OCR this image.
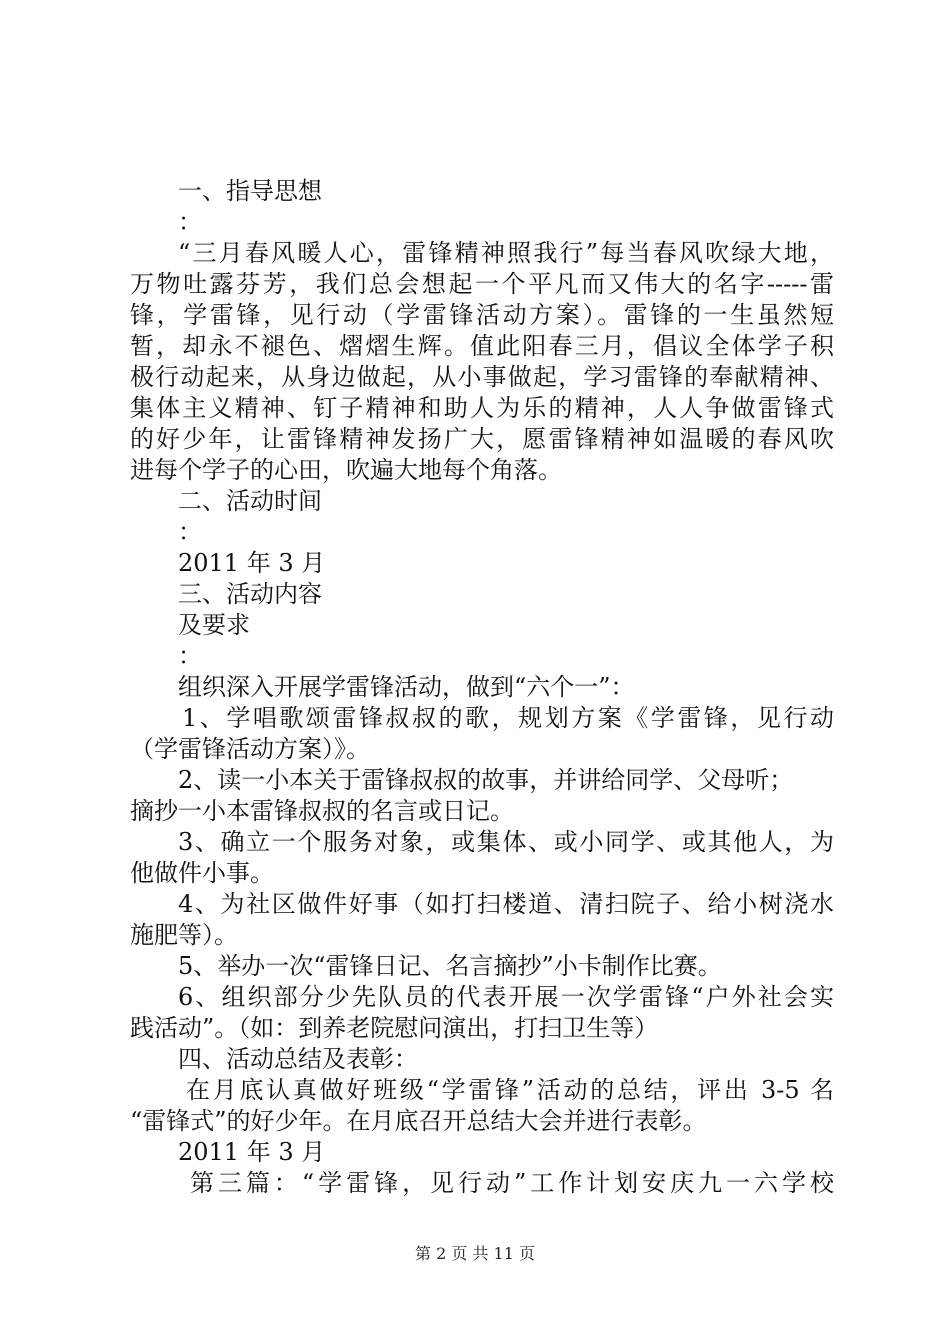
一、指导思想
：
“三月春风暖人心，雷锋精神照我行”每当春风吹绿大地，
万物吐露芬芳，我们总会想起一个平凡而又伟大的名字-----雷
锋，学雷锋，见行动（学雷锋活动方案）。雷锋的一生虽然短
暂，却永不褪色、熠熠生辉。值此阳春三月，倡议全体学子积
极行动起来，从身边做起，从小事做起，学习雷锋的奉献精神、
集体主义精神、钉子精神和助人为乐的精神，人人争做雷锋式
的好少年，让雷锋精神发扬广大，愿雷锋精神如温暖的春风吹
进每个学子的心田，吹遍大地每个角落。
二、活动时间
：
2011 年 3 月
三、活动内容
及要求
：
组织深入开展学雷锋活动，做到“六个一”：
1、学唱歌颂雷锋叔叔的歌，规划方案《学雷锋，见行动
（学雷锋活动方案）》。
2、读一小本关于雷锋叔叔的故事，并讲给同学、父母听；
摘抄一小本雷锋叔叔的名言或日记。
3、确立一个服务对象，或集体、或小同学、或其他人，为
他做件小事。
4、为社区做件好事（如打扫楼道、清扫院子、给小树浇水
施肥等）。
5、举办一次“雷锋日记、名言摘抄”小卡制作比赛。
6、组织部分少先队员的代表开展一次学雷锋“户外社会实
践活动”。（如：到养老院慰问演出，打扫卫生等）
四、活动总结及表彰：
在月底认真做好班级“学雷锋”活动的总结，评出 3-5 名
“雷锋式”的好少年。在月底召开总结大会并进行表彰。
2011 年 3 月
第三篇：“学雷锋，见行动”工作计划安庆九一六学校
第 2 页 共 11 页
